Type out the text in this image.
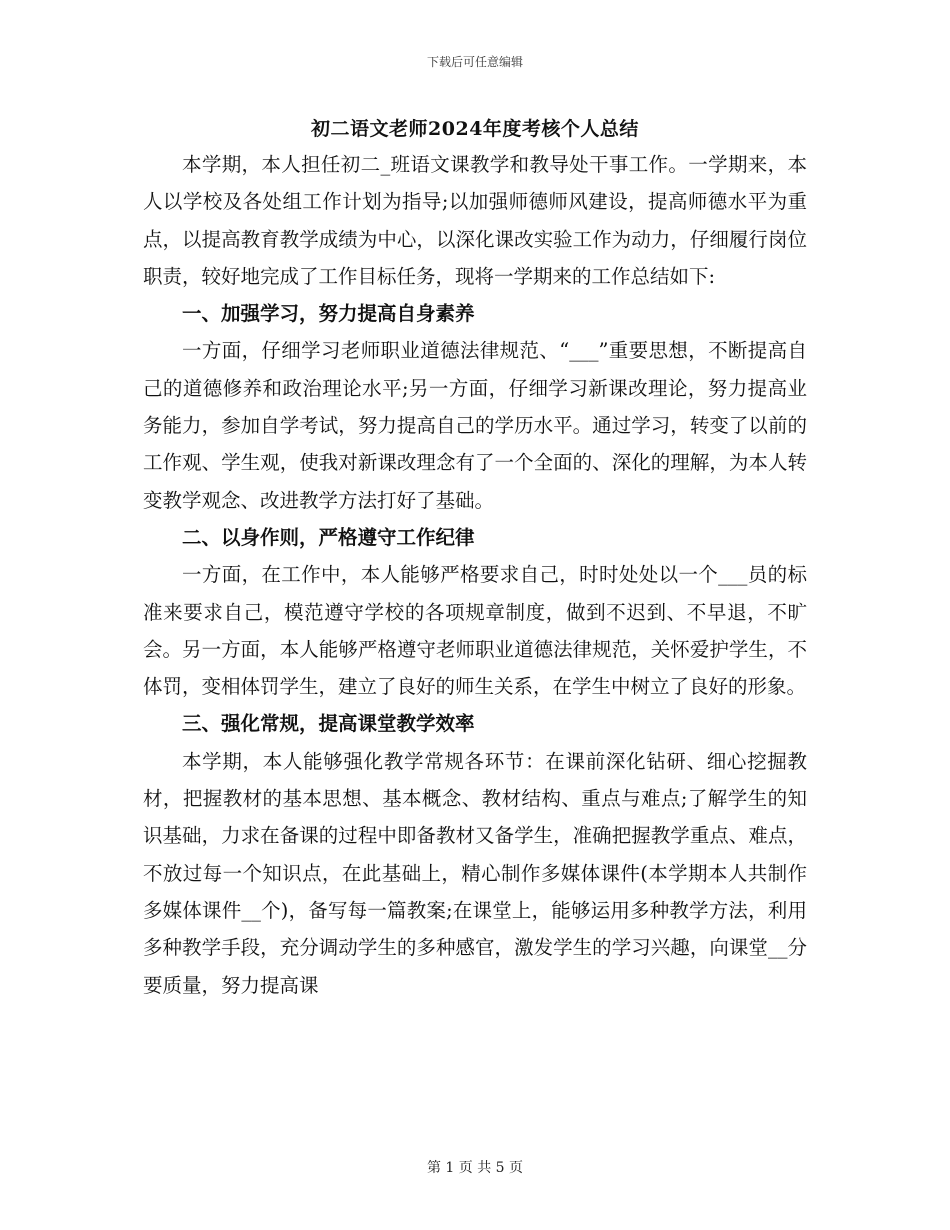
下载后可任意编辑
初二语文老师2024年度考核个人总结

本学期，本人担任初二_班语文课教学和教导处干事工作。一学期来，本人以学校及各处组工作计划为指导;以加强师德师风建设，提高师德水平为重点，以提高教育教学成绩为中心，以深化课改实验工作为动力，仔细履行岗位职责，较好地完成了工作目标任务，现将一学期来的工作总结如下:

一、加强学习，努力提高自身素养

一方面，仔细学习老师职业道德法律规范、“___”重要思想，不断提高自己的道德修养和政治理论水平;另一方面，仔细学习新课改理论，努力提高业务能力，参加自学考试，努力提高自己的学历水平。通过学习，转变了以前的工作观、学生观，使我对新课改理念有了一个全面的、深化的理解，为本人转变教学观念、改进教学方法打好了基础。

二、以身作则，严格遵守工作纪律

一方面，在工作中，本人能够严格要求自己，时时处处以一个___员的标准来要求自己，模范遵守学校的各项规章制度，做到不迟到、不早退，不旷会。另一方面，本人能够严格遵守老师职业道德法律规范，关怀爱护学生，不体罚，变相体罚学生，建立了良好的师生关系，在学生中树立了良好的形象。

三、强化常规，提高课堂教学效率

本学期，本人能够强化教学常规各环节：在课前深化钻研、细心挖掘教材，把握教材的基本思想、基本概念、教材结构、重点与难点;了解学生的知识基础，力求在备课的过程中即备教材又备学生，准确把握教学重点、难点，不放过每一个知识点，在此基础上，精心制作多媒体课件(本学期本人共制作多媒体课件__个)，备写每一篇教案;在课堂上，能够运用多种教学方法，利用多种教学手段，充分调动学生的多种感官，激发学生的学习兴趣，向课堂__分要质量，努力提高课

第 1 页 共 5 页
